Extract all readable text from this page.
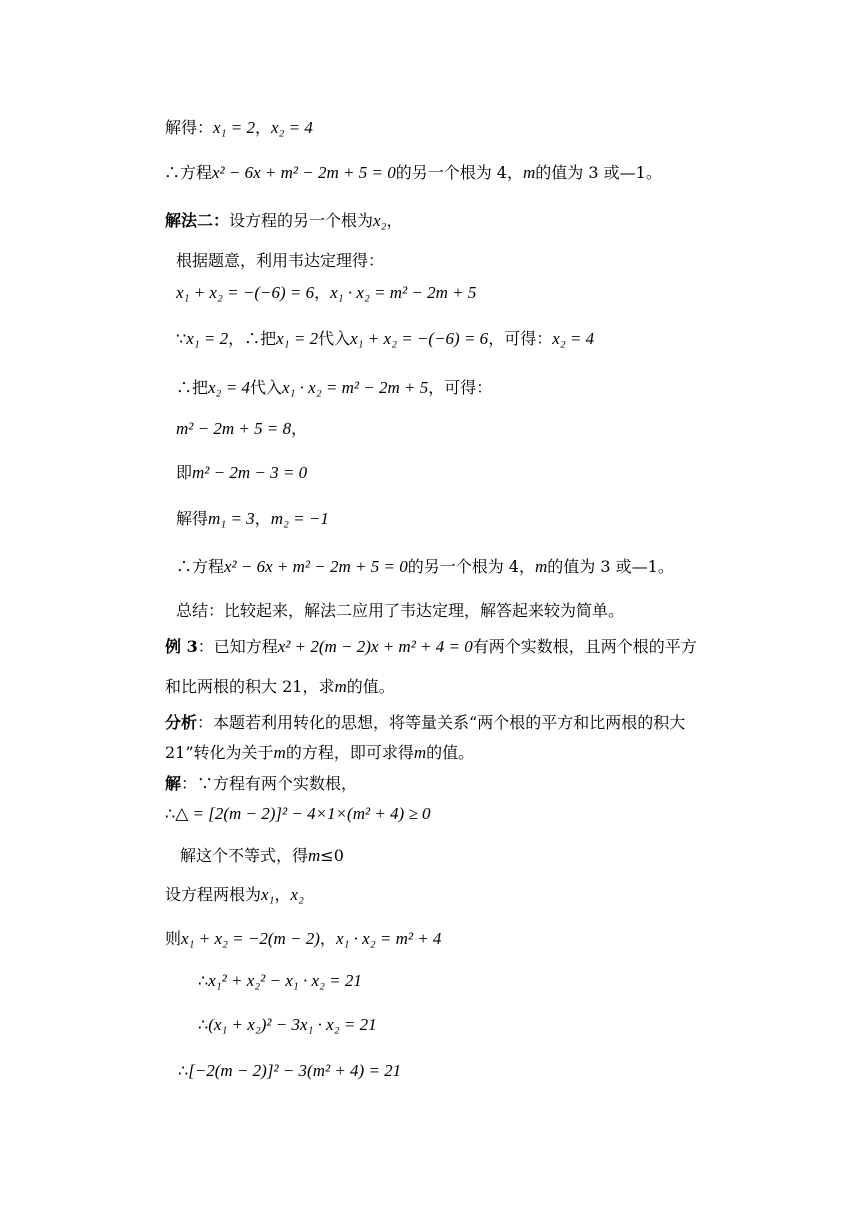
解得：x₁ = 2，x₂ = 4
∴方程x² − 6x + m² − 2m + 5 = 0的另一个根为 4，m的值为 3 或—1。
解法二：设方程的另一个根为x₂，
根据题意，利用韦达定理得：
x₁ + x₂ = −(−6) = 6，x₁ · x₂ = m² − 2m + 5
∵x₁ = 2，∴把x₁ = 2代入x₁ + x₂ = −(−6) = 6，可得：x₂ = 4
∴把x₂ = 4代入x₁ · x₂ = m² − 2m + 5，可得：
m² − 2m + 5 = 8，
即m² − 2m − 3 = 0
解得m₁ = 3，m₂ = −1
∴方程x² − 6x + m² − 2m + 5 = 0的另一个根为 4，m的值为 3 或—1。
总结：比较起来，解法二应用了韦达定理，解答起来较为简单。
例 3：已知方程x² + 2(m − 2)x + m² + 4 = 0有两个实数根，且两个根的平方
和比两根的积大 21，求m的值。
分析：本题若利用转化的思想，将等量关系“两个根的平方和比两根的积大
21”转化为关于m的方程，即可求得m的值。
解：∵方程有两个实数根，
∴△ = [2(m − 2)]² − 4×1×(m² + 4) ≥ 0
解这个不等式，得m≤0
设方程两根为x₁，x₂
则x₁ + x₂ = −2(m − 2)，x₁ · x₂ = m² + 4
∴x₁² + x₂² − x₁ · x₂ = 21
∴(x₁ + x₂)² − 3x₁ · x₂ = 21
∴[−2(m − 2)]² − 3(m² + 4) = 21
